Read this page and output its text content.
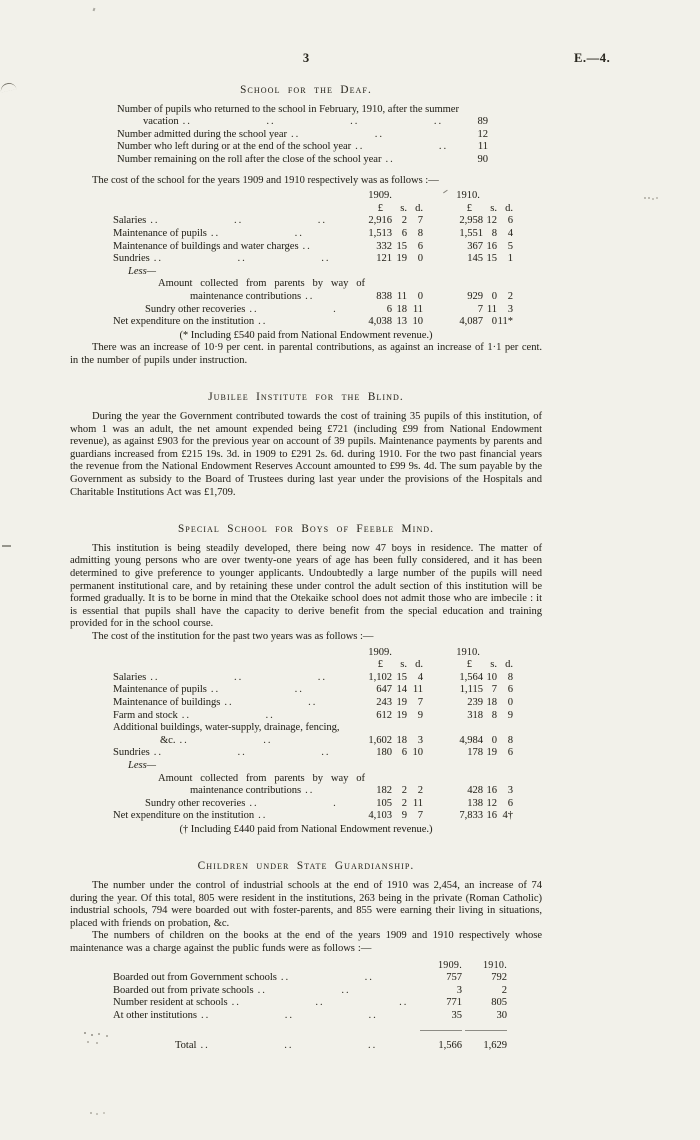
3	E.—4.
School for the Deaf.
Number of pupils who returned to the school in February, 1910, after the summer
vacation ..	89
Number admitted during the school year ..	12
Number who left during or at the end of the school year ..	11
Number remaining on the roll after the close of the school year ..	90
The cost of the school for the years 1909 and 1910 respectively was as follows :—
1909.	1910.
£	s. d.	£	s. d.
Salaries ..	2,916 2	7	2,958 12	6
Maintenance of pupils ..	1,513 6	8	1,551 8	4
Maintenance of buildings and water charges ..	332 15	6	367 16	5
Sundries ..	121 19	0	145 15	1
Less—
Amount collected from parents by way of
maintenance contributions ..	838 11	0	929 0	2
Sundry other recoveries ..	6 18 11	7 11	3
Net expenditure on the institution ..	4,038 13 10	4,087 0 11*
(* Including £540 paid from National Endowment revenue.)

There was an increase of 10·9 per cent. in parental contributions, as against an increase of 1·1 per cent. in the number of pupils under instruction.

Jubilee Institute for the Blind.

During the year the Government contributed towards the cost of training 35 pupils of this institution, of whom 1 was an adult, the net amount expended being £721 (including £99 from National Endowment revenue), as against £903 for the previous year on account of 39 pupils. Maintenance payments by parents and guardians increased from £215 19s. 3d. in 1909 to £291 2s. 6d. during 1910. For the two past financial years the revenue from the National Endowment Reserves Account amounted to £99 9s. 4d. The sum payable by the Government as subsidy to the Board of Trustees during last year under the provisions of the Hospitals and Charitable Institutions Act was £1,709.

Special School for Boys of Feeble Mind.

This institution is being steadily developed, there being now 47 boys in residence. The matter of admitting young persons who are over twenty-one years of age has been fully considered, and it has been determined to give preference to younger applicants. Undoubtedly a large number of the pupils will need permanent institutional care, and by retaining these under control the adult section of this institution will be formed gradually. It is to be borne in mind that the Otekaike school does not admit those who are imbecile : it is essential that pupils shall have the capacity to derive benefit from the special education and training provided for in the school course.

The cost of the institution for the past two years was as follows :—
1909.	1910.
£	s. d.	£	s. d.
Salaries ..	1,102 15	4	1,564 10	8
Maintenance of pupils ..	647 14 11	1,115 7	6
Maintenance of buildings ..	243 19	7	239 18	0
Farm and stock ..	612 19	9	318 8	9
Additional buildings, water-supply, drainage, fencing,
&c. ..	1,602 18	3	4,984 0	8
Sundries ..	180 6 10	178 19	6
Less—
Amount collected from parents by way of
maintenance contributions ..	182 2	2	428 16	3
Sundry other recoveries ..	105 2 11	138 12	6
Net expenditure on the institution ..	4,103 9	7	7,833 16 4†
(† Including £440 paid from National Endowment revenue.)
Children under State Guardianship.

The number under the control of industrial schools at the end of 1910 was 2,454, an increase of 74 during the year. Of this total, 805 were resident in the institutions, 263 being in the private (Roman Catholic) industrial schools, 794 were boarded out with foster-parents, and 855 were earning their living in situations, placed with friends on probation, &c.

The numbers of children on the books at the end of the years 1909 and 1910 respectively whose maintenance was a charge against the public funds were as follows :—

1909.	1910.
Boarded out from Government schools ..	757	792
Boarded out from private schools ..	3	2
Number resident at schools ..	771	805
At other institutions ..	35	30
Total ..	1,566	1,629
